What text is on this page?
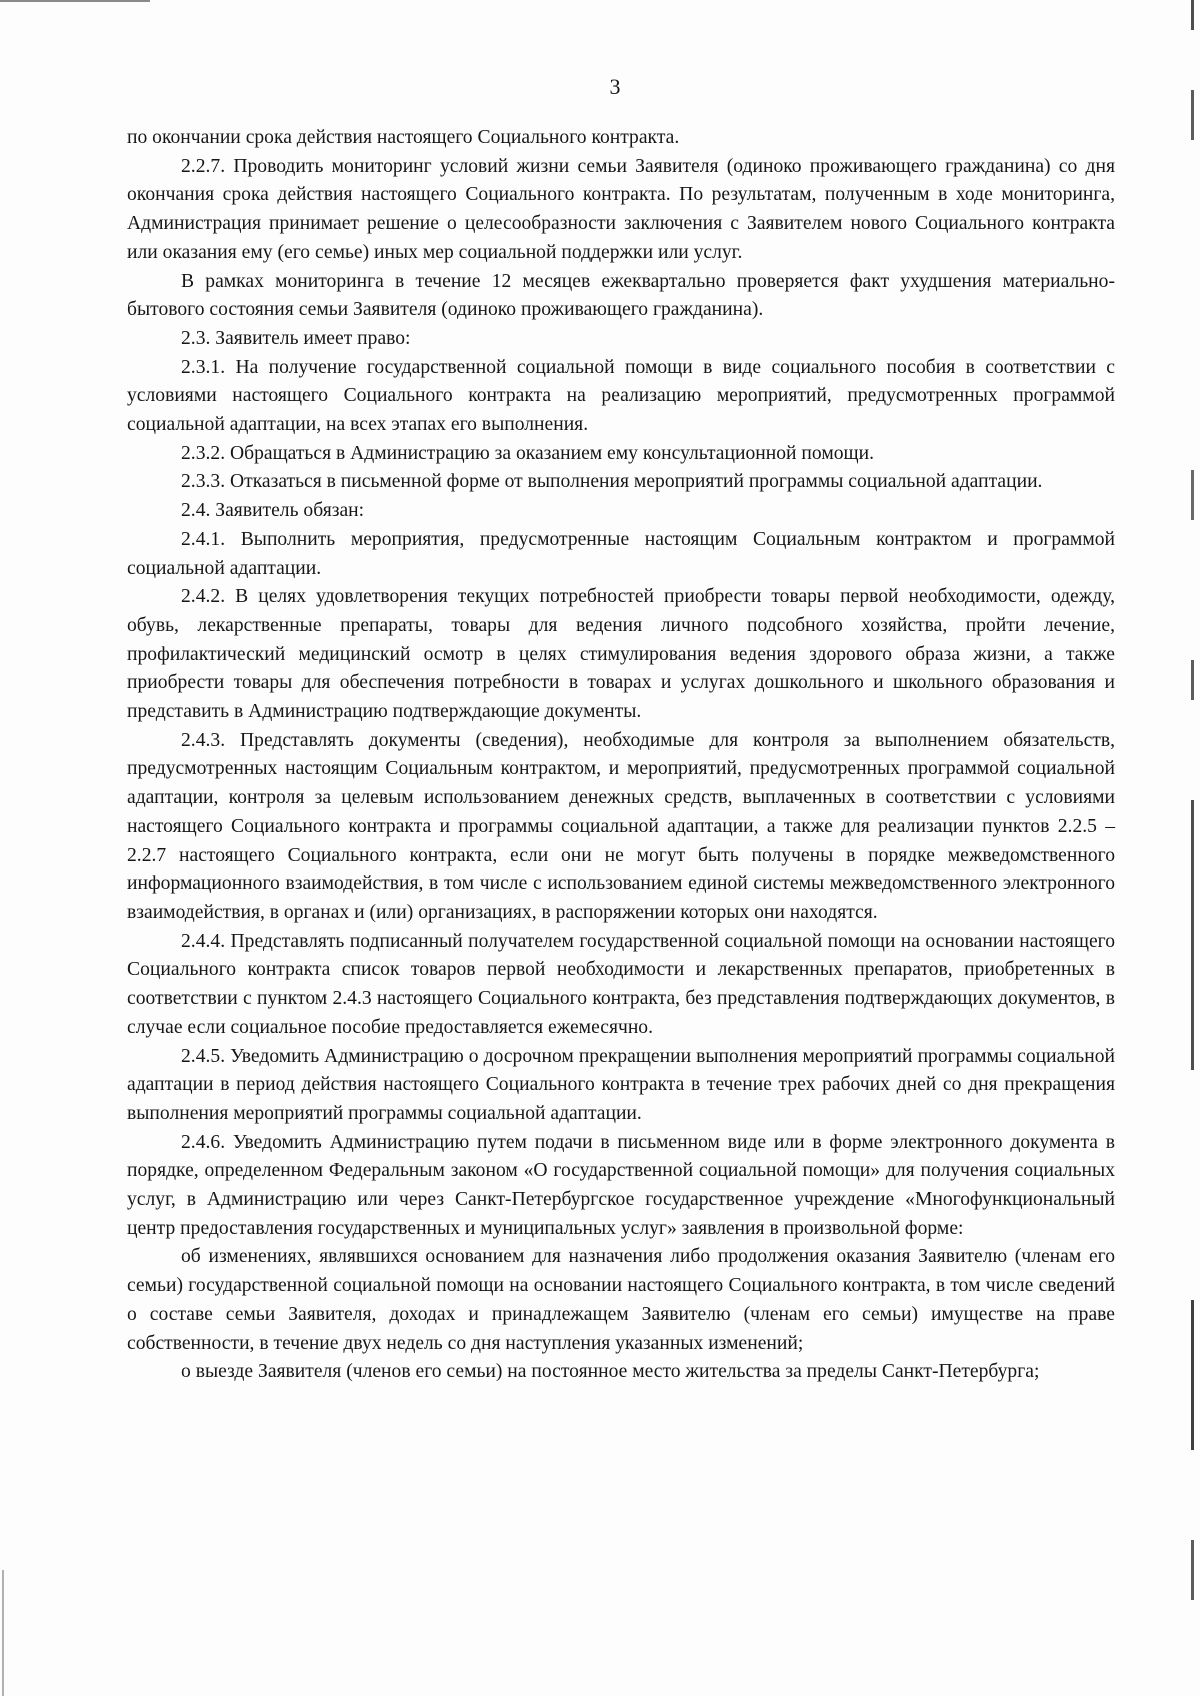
3

по окончании срока действия настоящего Социального контракта.

2.2.7. Проводить мониторинг условий жизни семьи Заявителя (одиноко проживающего гражданина) со дня окончания срока действия настоящего Социального контракта. По результатам, полученным в ходе мониторинга, Администрация принимает решение о целесообразности заключения с Заявителем нового Социального контракта или оказания ему (его семье) иных мер социальной поддержки или услуг.

В рамках мониторинга в течение 12 месяцев ежеквартально проверяется факт ухудшения материально-бытового состояния семьи Заявителя (одиноко проживающего гражданина).

2.3. Заявитель имеет право:

2.3.1. На получение государственной социальной помощи в виде социального пособия в соответствии с условиями настоящего Социального контракта на реализацию мероприятий, предусмотренных программой социальной адаптации, на всех этапах его выполнения.

2.3.2. Обращаться в Администрацию за оказанием ему консультационной помощи.

2.3.3. Отказаться в письменной форме от выполнения мероприятий программы социальной адаптации.

2.4. Заявитель обязан:

2.4.1. Выполнить мероприятия, предусмотренные настоящим Социальным контрактом и программой социальной адаптации.

2.4.2. В целях удовлетворения текущих потребностей приобрести товары первой необходимости, одежду, обувь, лекарственные препараты, товары для ведения личного подсобного хозяйства, пройти лечение, профилактический медицинский осмотр в целях стимулирования ведения здорового образа жизни, а также приобрести товары для обеспечения потребности в товарах и услугах дошкольного и школьного образования и представить в Администрацию подтверждающие документы.

2.4.3. Представлять документы (сведения), необходимые для контроля за выполнением обязательств, предусмотренных настоящим Социальным контрактом, и мероприятий, предусмотренных программой социальной адаптации, контроля за целевым использованием денежных средств, выплаченных в соответствии с условиями настоящего Социального контракта и программы социальной адаптации, а также для реализации пунктов 2.2.5 – 2.2.7 настоящего Социального контракта, если они не могут быть получены в порядке межведомственного информационного взаимодействия, в том числе с использованием единой системы межведомственного электронного взаимодействия, в органах и (или) организациях, в распоряжении которых они находятся.

2.4.4. Представлять подписанный получателем государственной социальной помощи на основании настоящего Социального контракта список товаров первой необходимости и лекарственных препаратов, приобретенных в соответствии с пунктом 2.4.3 настоящего Социального контракта, без представления подтверждающих документов, в случае если социальное пособие предоставляется ежемесячно.

2.4.5. Уведомить Администрацию о досрочном прекращении выполнения мероприятий программы социальной адаптации в период действия настоящего Социального контракта в течение трех рабочих дней со дня прекращения выполнения мероприятий программы социальной адаптации.

2.4.6. Уведомить Администрацию путем подачи в письменном виде или в форме электронного документа в порядке, определенном Федеральным законом «О государственной социальной помощи» для получения социальных услуг, в Администрацию или через Санкт-Петербургское государственное учреждение «Многофункциональный центр предоставления государственных и муниципальных услуг» заявления в произвольной форме:

об изменениях, являвшихся основанием для назначения либо продолжения оказания Заявителю (членам его семьи) государственной социальной помощи на основании настоящего Социального контракта, в том числе сведений о составе семьи Заявителя, доходах и принадлежащем Заявителю (членам его семьи) имуществе на праве собственности, в течение двух недель со дня наступления указанных изменений;

о выезде Заявителя (членов его семьи) на постоянное место жительства за пределы Санкт-Петербурга;
